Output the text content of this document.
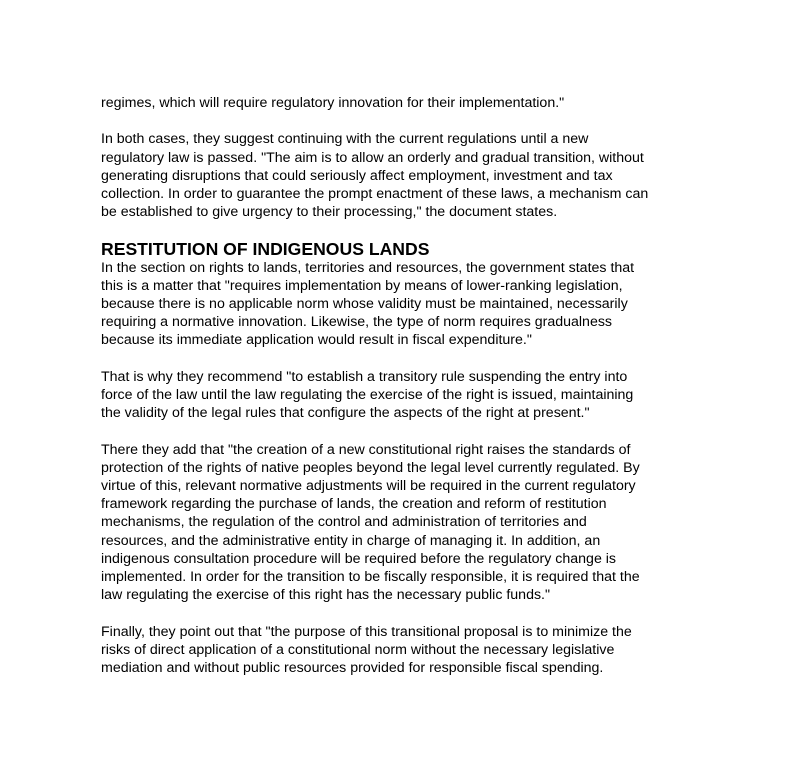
regimes, which will require regulatory innovation for their implementation."

In both cases, they suggest continuing with the current regulations until a new
regulatory law is passed. "The aim is to allow an orderly and gradual transition, without
generating disruptions that could seriously affect employment, investment and tax
collection. In order to guarantee the prompt enactment of these laws, a mechanism can
be established to give urgency to their processing," the document states.

RESTITUTION OF INDIGENOUS LANDS

In the section on rights to lands, territories and resources, the government states that
this is a matter that "requires implementation by means of lower-ranking legislation,
because there is no applicable norm whose validity must be maintained, necessarily
requiring a normative innovation. Likewise, the type of norm requires gradualness
because its immediate application would result in fiscal expenditure."

That is why they recommend "to establish a transitory rule suspending the entry into
force of the law until the law regulating the exercise of the right is issued, maintaining
the validity of the legal rules that configure the aspects of the right at present."

There they add that "the creation of a new constitutional right raises the standards of
protection of the rights of native peoples beyond the legal level currently regulated. By
virtue of this, relevant normative adjustments will be required in the current regulatory
framework regarding the purchase of lands, the creation and reform of restitution
mechanisms, the regulation of the control and administration of territories and
resources, and the administrative entity in charge of managing it. In addition, an
indigenous consultation procedure will be required before the regulatory change is
implemented. In order for the transition to be fiscally responsible, it is required that the
law regulating the exercise of this right has the necessary public funds."

Finally, they point out that "the purpose of this transitional proposal is to minimize the
risks of direct application of a constitutional norm without the necessary legislative
mediation and without public resources provided for responsible fiscal spending.
